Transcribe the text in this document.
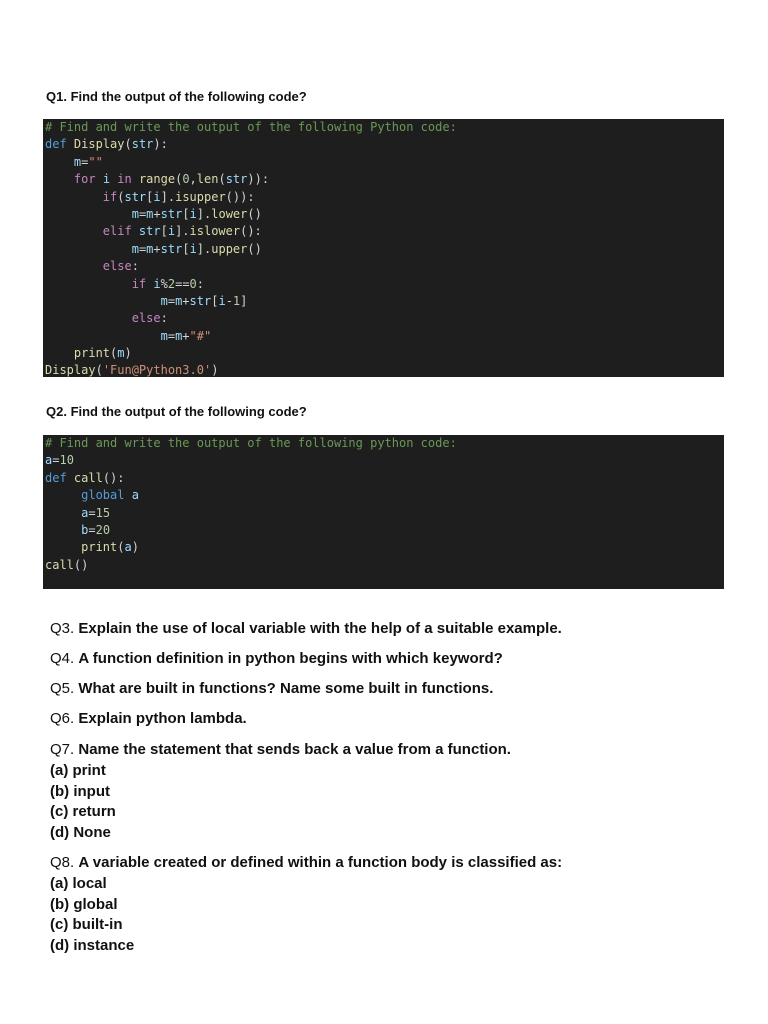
Q1. Find the output of the following code?
# Find and write the output of the following Python code:
def Display(str):
m=""
for i in range(0,len(str)):
if(str[i].isupper()):
m=m+str[i].lower()
elif str[i].islower():
m=m+str[i].upper()
else:
if i%2==0:
m=m+str[i-1]
else:
m=m+"#"
print(m)
Display('Fun@Python3.0')
Q2. Find the output of the following code?
# Find and write the output of the following python code:
a=10
def call():
global a
a=15
b=20
print(a)
call()
Q3. Explain the use of local variable with the help of a suitable example.
Q4. A function definition in python begins with which keyword?
Q5. What are built in functions? Name some built in functions.
Q6. Explain python lambda.
Q7. Name the statement that sends back a value from a function.
(a) print
(b) input
(c) return
(d) None
Q8. A variable created or defined within a function body is classified as:
(a) local
(b) global
(c) built-in
(d) instance
